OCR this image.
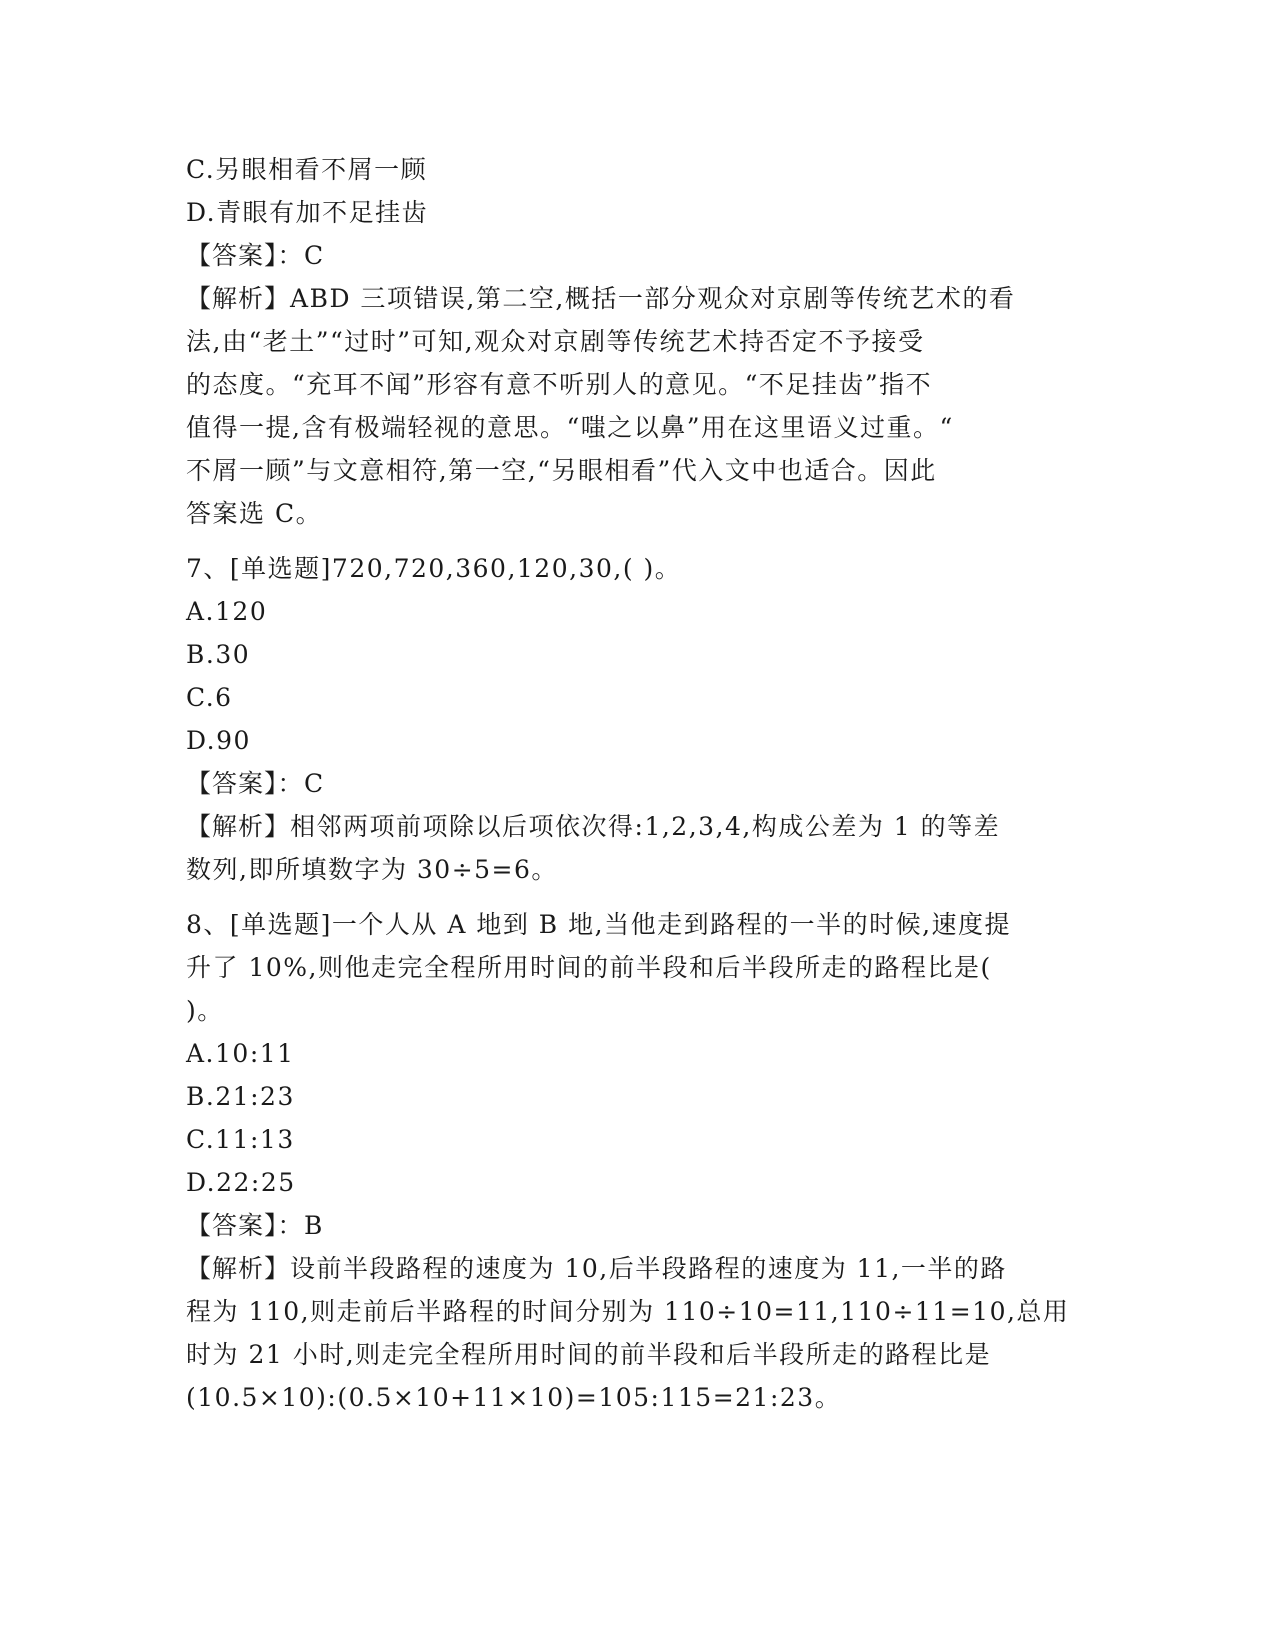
C.另眼相看不屑一顾
D.青眼有加不足挂齿
【答案】：C
【解析】ABD 三项错误,第二空,概括一部分观众对京剧等传统艺术的看
法,由“老土”“过时”可知,观众对京剧等传统艺术持否定不予接受
的态度。“充耳不闻”形容有意不听别人的意见。“不足挂齿”指不
值得一提,含有极端轻视的意思。“嗤之以鼻”用在这里语义过重。“
不屑一顾”与文意相符,第一空,“另眼相看”代入文中也适合。因此
答案选 C。
7、[单选题]720,720,360,120,30,( )。
A.120
B.30
C.6
D.90
【答案】：C
【解析】相邻两项前项除以后项依次得:1,2,3,4,构成公差为 1 的等差
数列,即所填数字为 30÷5=6。
8、[单选题]一个人从 A 地到 B 地,当他走到路程的一半的时候,速度提
升了 10%,则他走完全程所用时间的前半段和后半段所走的路程比是(
)。
A.10:11
B.21:23
C.11:13
D.22:25
【答案】：B
【解析】设前半段路程的速度为 10,后半段路程的速度为 11,一半的路
程为 110,则走前后半路程的时间分别为 110÷10=11,110÷11=10,总用
时为 21 小时,则走完全程所用时间的前半段和后半段所走的路程比是
(10.5×10):(0.5×10+11×10)=105:115=21:23。
